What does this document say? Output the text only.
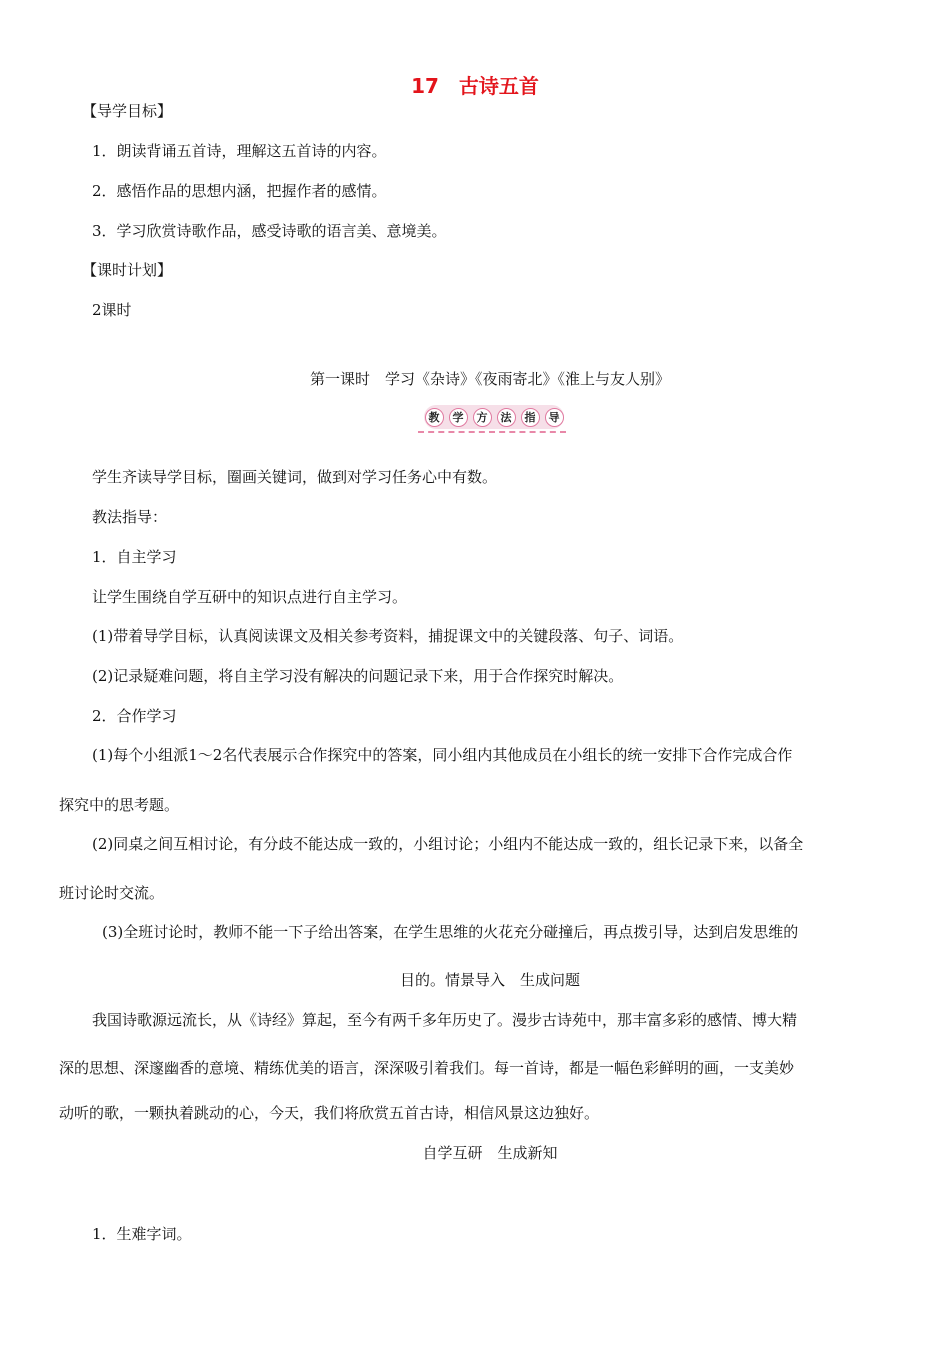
17　古诗五首
【导学目标】
1．朗读背诵五首诗，理解这五首诗的内容。
2．感悟作品的思想内涵，把握作者的感情。
3．学习欣赏诗歌作品，感受诗歌的语言美、意境美。
【课时计划】
2课时
第一课时　学习《杂诗》《夜雨寄北》《淮上与友人别》
教	学	方	法	指	导
学生齐读导学目标，圈画关键词，做到对学习任务心中有数。
教法指导：
1．自主学习
让学生围绕自学互研中的知识点进行自主学习。
(1)带着导学目标，认真阅读课文及相关参考资料，捕捉课文中的关键段落、句子、词语。
(2)记录疑难问题，将自主学习没有解决的问题记录下来，用于合作探究时解决。
2．合作学习
(1)每个小组派1～2名代表展示合作探究中的答案，同小组内其他成员在小组长的统一安排下合作完成合作
探究中的思考题。
(2)同桌之间互相讨论，有分歧不能达成一致的，小组讨论；小组内不能达成一致的，组长记录下来，以备全
班讨论时交流。
(3)全班讨论时，教师不能一下子给出答案，在学生思维的火花充分碰撞后，再点拨引导，达到启发思维的
目的。情景导入　生成问题
我国诗歌源远流长，从《诗经》算起，至今有两千多年历史了。漫步古诗苑中，那丰富多彩的感情、博大精
深的思想、深邃幽香的意境、精练优美的语言，深深吸引着我们。每一首诗，都是一幅色彩鲜明的画，一支美妙
动听的歌，一颗执着跳动的心，今天，我们将欣赏五首古诗，相信风景这边独好。
自学互研　生成新知
1．生难字词。
